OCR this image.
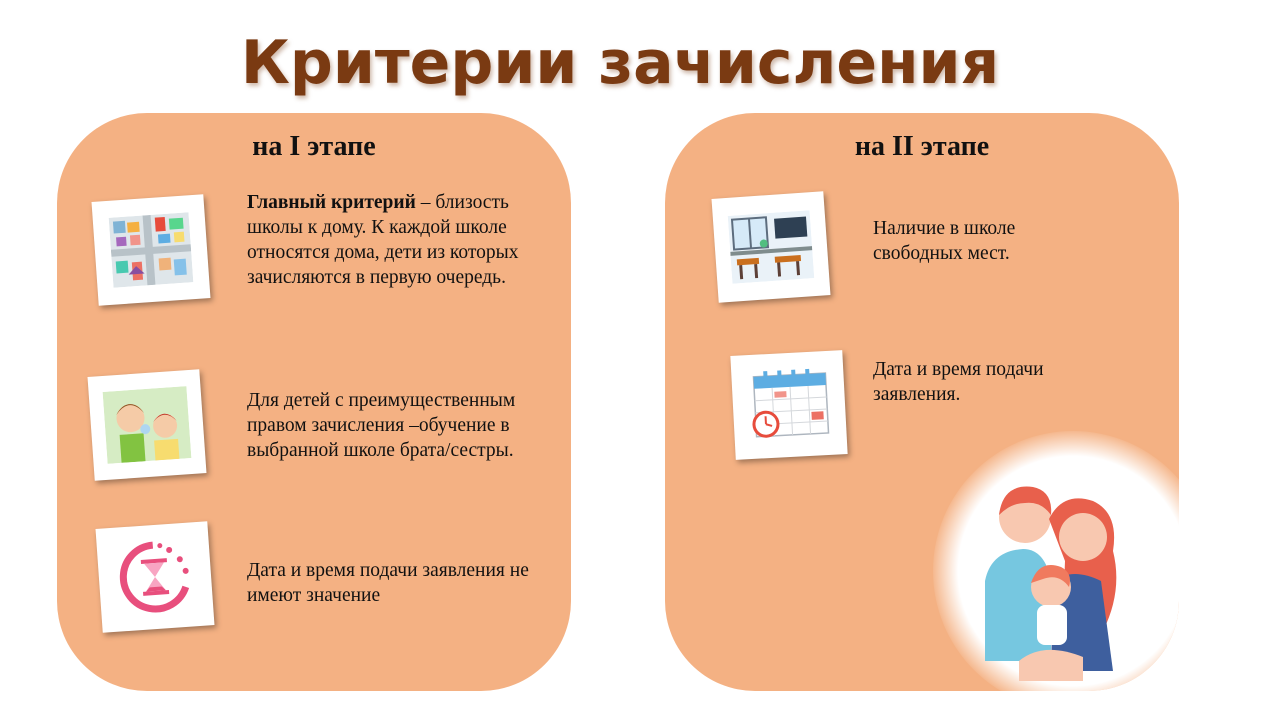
Критерии зачисления
на I этапе
Главный критерий – близость школы к дому. К каждой школе относятся дома, дети из которых зачисляются в первую очередь.
Для детей с преимущественным правом зачисления –обучение в выбранной школе брата/сестры.
Дата и время подачи заявления не имеют значение
на II этапе
Наличие в школе свободных мест.
Дата и время подачи заявления.
